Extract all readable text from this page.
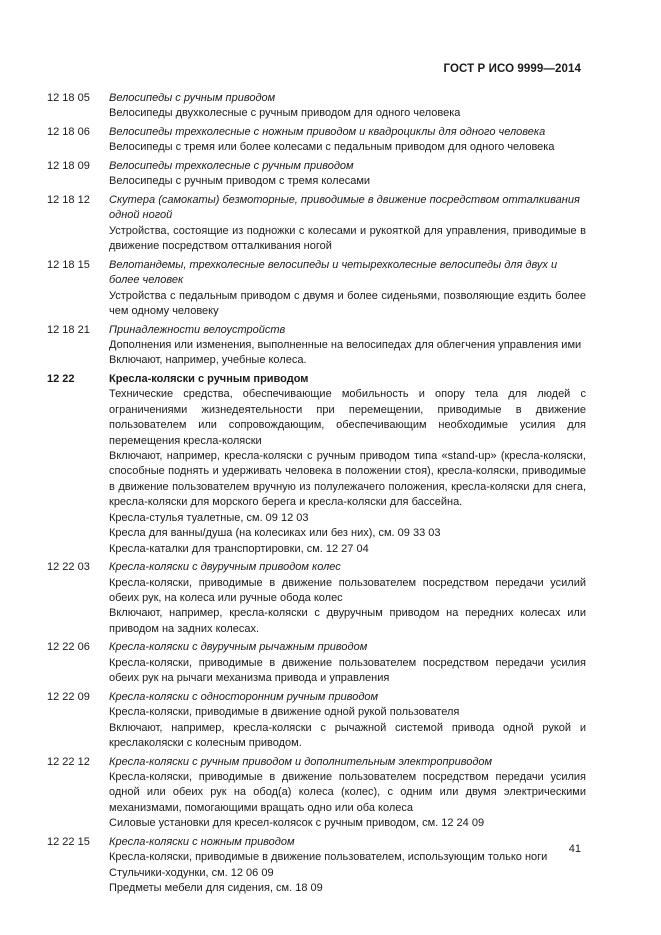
ГОСТ Р ИСО 9999—2014
12 18 05	Велосипеды с ручным приводом
Велосипеды двухколесные с ручным приводом для одного человека
12 18 06	Велосипеды трехколесные с ножным приводом и квадроциклы для одного человека
Велосипеды с тремя или более колесами с педальным приводом для одного человека
12 18 09	Велосипеды трехколесные с ручным приводом
Велосипеды с ручным приводом с тремя колесами
12 18 12	Скутера (самокаты) безмоторные, приводимые в движение посредством отталкивания одной ногой
Устройства, состоящие из подножки с колесами и рукояткой для управления, приводимые в движение посредством отталкивания ногой
12 18 15	Велотандемы, трехколесные велосипеды и четырехколесные велосипеды для двух и более человек
Устройства с педальным приводом с двумя и более сиденьями, позволяющие ездить более чем одному человеку
12 18 21	Принадлежности велоустройств
Дополнения или изменения, выполненные на велосипедах для облегчения управления ими
Включают, например, учебные колеса.
12 22	Кресла-коляски с ручным приводом
Технические средства, обеспечивающие мобильность и опору тела для людей с ограничениями жизнедеятельности при перемещении, приводимые в движение пользователем или сопровождающим, обеспечивающим необходимые усилия для перемещения кресла-коляски
Включают, например, кресла-коляски с ручным приводом типа «stand-up» (кресла-коляски, способные поднять и удерживать человека в положении стоя), кресла-коляски, приводимые в движение пользователем вручную из полулежачего положения, кресла-коляски для снега, кресла-коляски для морского берега и кресла-коляски для бассейна.
Кресла-стулья туалетные, см. 09 12 03
Кресла для ванны/душа (на колесиках или без них), см. 09 33 03
Кресла-каталки для транспортировки, см. 12 27 04
12 22 03	Кресла-коляски с двуручным приводом колес
Кресла-коляски, приводимые в движение пользователем посредством передачи усилий обеих рук, на колеса или ручные обода колес
Включают, например, кресла-коляски с двуручным приводом на передних колесах или приводом на задних колесах.
12 22 06	Кресла-коляски с двуручным рычажным приводом
Кресла-коляски, приводимые в движение пользователем посредством передачи усилия обеих рук на рычаги механизма привода и управления
12 22 09	Кресла-коляски с односторонним ручным приводом
Кресла-коляски, приводимые в движение одной рукой пользователя
Включают, например, кресла-коляски с рычажной системой привода одной рукой и креслаколяски с колесным приводом.
12 22 12	Кресла-коляски с ручным приводом и дополнительным электроприводом
Кресла-коляски, приводимые в движение пользователем посредством передачи усилия одной или обеих рук на обод(а) колеса (колес), с одним или двумя электрическими механизмами, помогающими вращать одно или оба колеса
Силовые установки для кресел-колясок с ручным приводом, см. 12 24 09
12 22 15	Кресла-коляски с ножным приводом
Кресла-коляски, приводимые в движение пользователем, использующим только ноги
Стульчики-ходунки, см. 12 06 09
Предметы мебели для сидения, см. 18 09
41
